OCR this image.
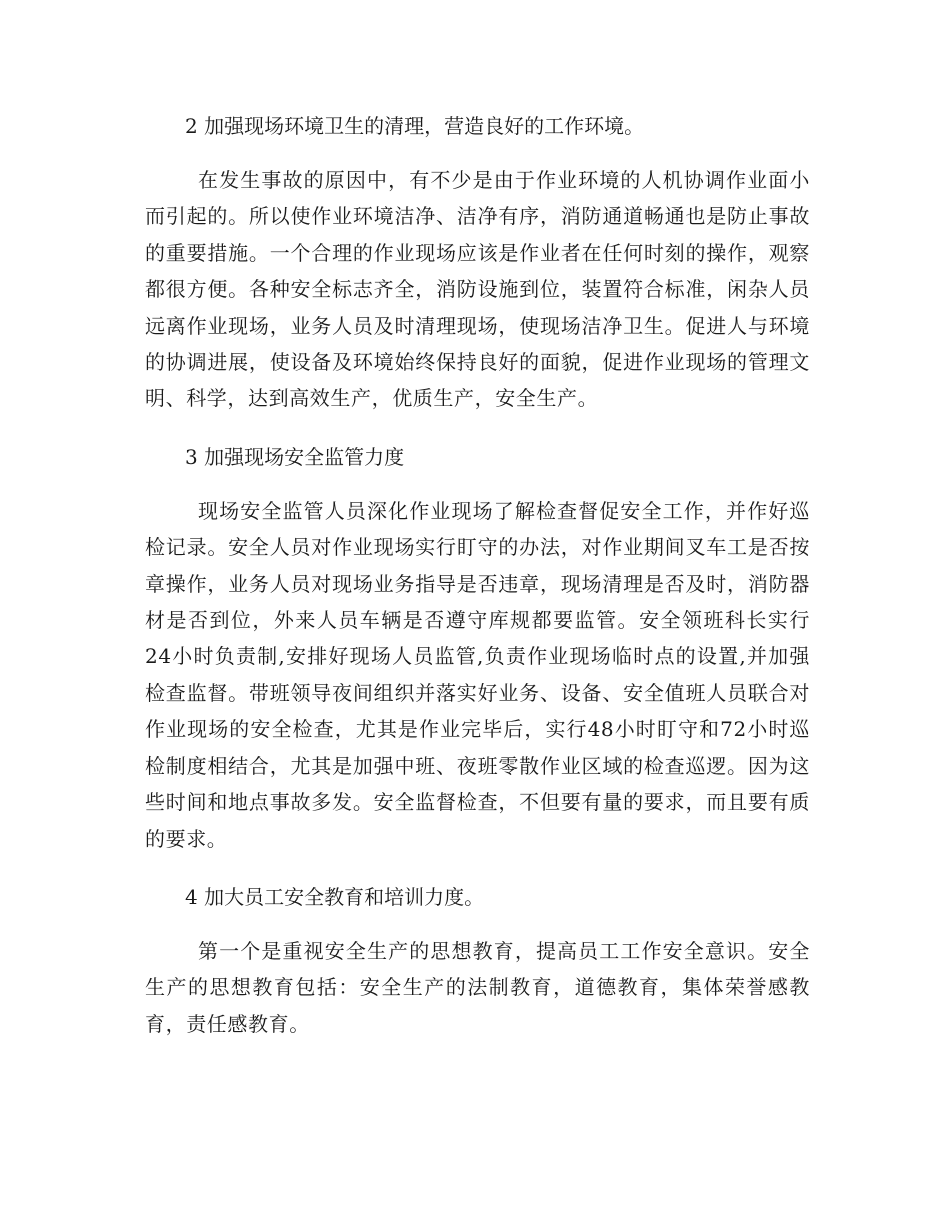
2 加强现场环境卫生的清理，营造良好的工作环境。

在发生事故的原因中，有不少是由于作业环境的人机协调作业面小而引起的。所以使作业环境洁净、洁净有序，消防通道畅通也是防止事故的重要措施。一个合理的作业现场应该是作业者在任何时刻的操作，观察都很方便。各种安全标志齐全，消防设施到位，装置符合标准，闲杂人员远离作业现场，业务人员及时清理现场，使现场洁净卫生。促进人与环境的协调进展，使设备及环境始终保持良好的面貌，促进作业现场的管理文明、科学，达到高效生产，优质生产，安全生产。

3 加强现场安全监管力度

现场安全监管人员深化作业现场了解检查督促安全工作，并作好巡检记录。安全人员对作业现场实行盯守的办法，对作业期间叉车工是否按章操作，业务人员对现场业务指导是否违章，现场清理是否及时，消防器材是否到位，外来人员车辆是否遵守库规都要监管。安全领班科长实行24小时负责制,安排好现场人员监管,负责作业现场临时点的设置,并加强检查监督。带班领导夜间组织并落实好业务、设备、安全值班人员联合对作业现场的安全检查，尤其是作业完毕后，实行48小时盯守和72小时巡检制度相结合，尤其是加强中班、夜班零散作业区域的检查巡逻。因为这些时间和地点事故多发。安全监督检查，不但要有量的要求，而且要有质的要求。

4 加大员工安全教育和培训力度。

第一个是重视安全生产的思想教育，提高员工工作安全意识。安全生产的思想教育包括：安全生产的法制教育，道德教育，集体荣誉感教育，责任感教育。
